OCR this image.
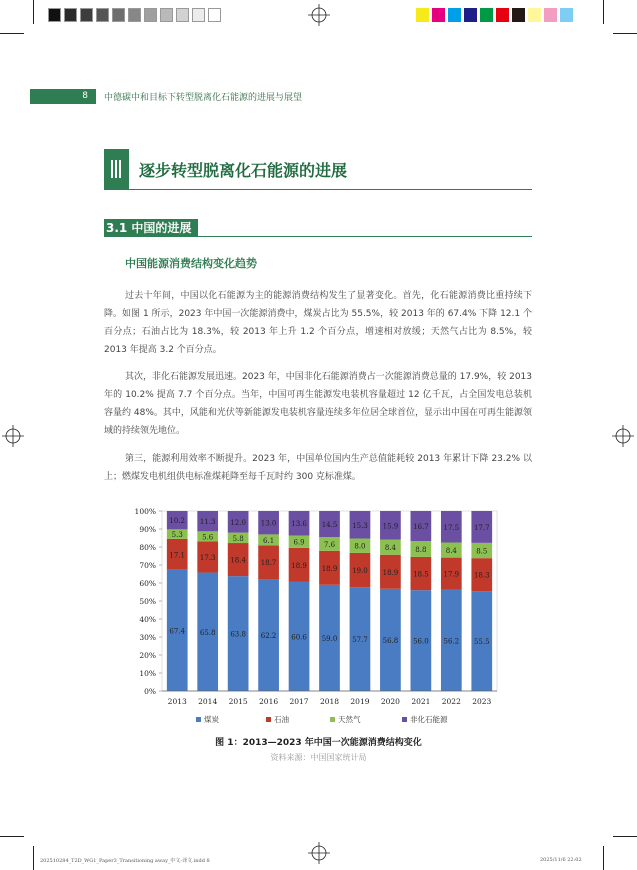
8	中德碳中和目标下转型脱离化石能源的进展与展望
逐步转型脱离化石能源的进展
3.1 中国的进展
中国能源消费结构变化趋势
过去十年间，中国以化石能源为主的能源消费结构发生了显著变化。首先，化石能源消费比重持续下降。如图 1 所示，2023 年中国一次能源消费中，煤炭占比为 55.5%，较 2013 年的 67.4% 下降 12.1 个百分点；石油占比为 18.3%，较 2013 年上升 1.2 个百分点，增速相对放缓；天然气占比为 8.5%，较 2013 年提高 3.2 个百分点。
其次，非化石能源发展迅速。2023 年，中国非化石能源消费占一次能源消费总量的 17.9%，较 2013 年的 10.2% 提高 7.7 个百分点。当年，中国可再生能源发电装机容量超过 12 亿千瓦，占全国发电总装机容量约 48%。其中，风能和光伏等新能源发电装机容量连续多年位居全球首位，显示出中国在可再生能源领域的持续领先地位。
第三，能源利用效率不断提升。2023 年，中国单位国内生产总值能耗较 2013 年累计下降 23.2% 以上；燃煤发电机组供电标准煤耗降至每千瓦时约 300 克标准煤。
0%
10%
20%
30%
40%
50%
60%
70%
80%
90%
100%
67.4
17.1
5.3
10.2
2013
65.8
17.3
5.6
11.3
2014
63.8
18.4
5.8
12.0
2015
62.2
18.7
6.1
13.0
2016
60.6
18.9
6.9
13.6
2017
59.0
18.9
7.6
14.5
2018
57.7
19.0
8.0
15.3
2019
56.8
18.9
8.4
15.9
2020
56.0
18.5
8.8
16.7
2021
56.2
17.9
8.4
17.5
2022
55.5
18.3
8.5
17.7
2023
煤炭	石油	天然气	非化石能源
图 1：2013—2023 年中国一次能源消费结构变化
资料来源：中国国家统计局
202510284_T2D_WG1_Paper3_Transitioning away_中文-译文.indd 8	2025/11/6 22:02
